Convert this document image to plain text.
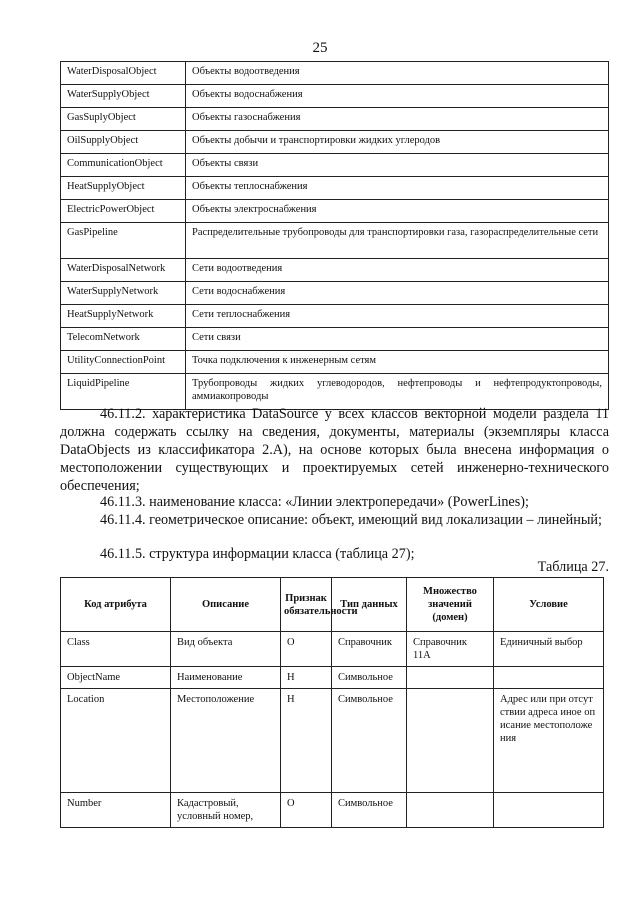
25
WaterDisposalObject	Объекты водоотведения
WaterSupplyObject	Объекты водоснабжения
GasSuplyObject	Объекты газоснабжения
OilSupplyObject	Объекты добычи и транспортировки жидких углеродов
CommunicationObject	Объекты связи
HeatSupplyObject	Объекты теплоснабжения
ElectricPowerObject	Объекты электроснабжения
GasPipeline	Распределительные трубопроводы для транспортировки газа, газораспределительные сети
WaterDisposalNetwork	Сети водоотведения
WaterSupplyNetwork	Сети водоснабжения
HeatSupplyNetwork	Сети теплоснабжения
TelecomNetwork	Сети связи
UtilityConnectionPoint	Точка подключения к инженерным сетям
LiquidPipeline	Трубопроводы жидких углеводородов, нефтепроводы и нефтепродуктопроводы, аммиакопроводы
46.11.2. характеристика DataSource у всех классов векторной модели раздела 11 должна содержать ссылку на сведения, документы, материалы (экземпляры класса DataObjects из классификатора 2.А), на основе которых была внесена информация о местоположении существующих и проектируемых сетей инженерно-технического обеспечения;
46.11.3. наименование класса: «Линии электропередачи» (PowerLines);
46.11.4. геометрическое описание: объект, имеющий вид локализации – линейный;
46.11.5. структура информации класса (таблица 27);
Таблица 27.
Код атрибута	Описание	Признак обязательности	Тип данных	Множество значений (домен)	Условие
Class	Вид объекта	О	Справочник	Справочник 11А	Единичный выбор
ObjectName	Наименование	Н	Символьное		
Location	Местоположение	Н	Символьное		Адрес или при отсутствии адреса иное описание местоположения
Number	Кадастровый, условный номер,	О	Символьное		
